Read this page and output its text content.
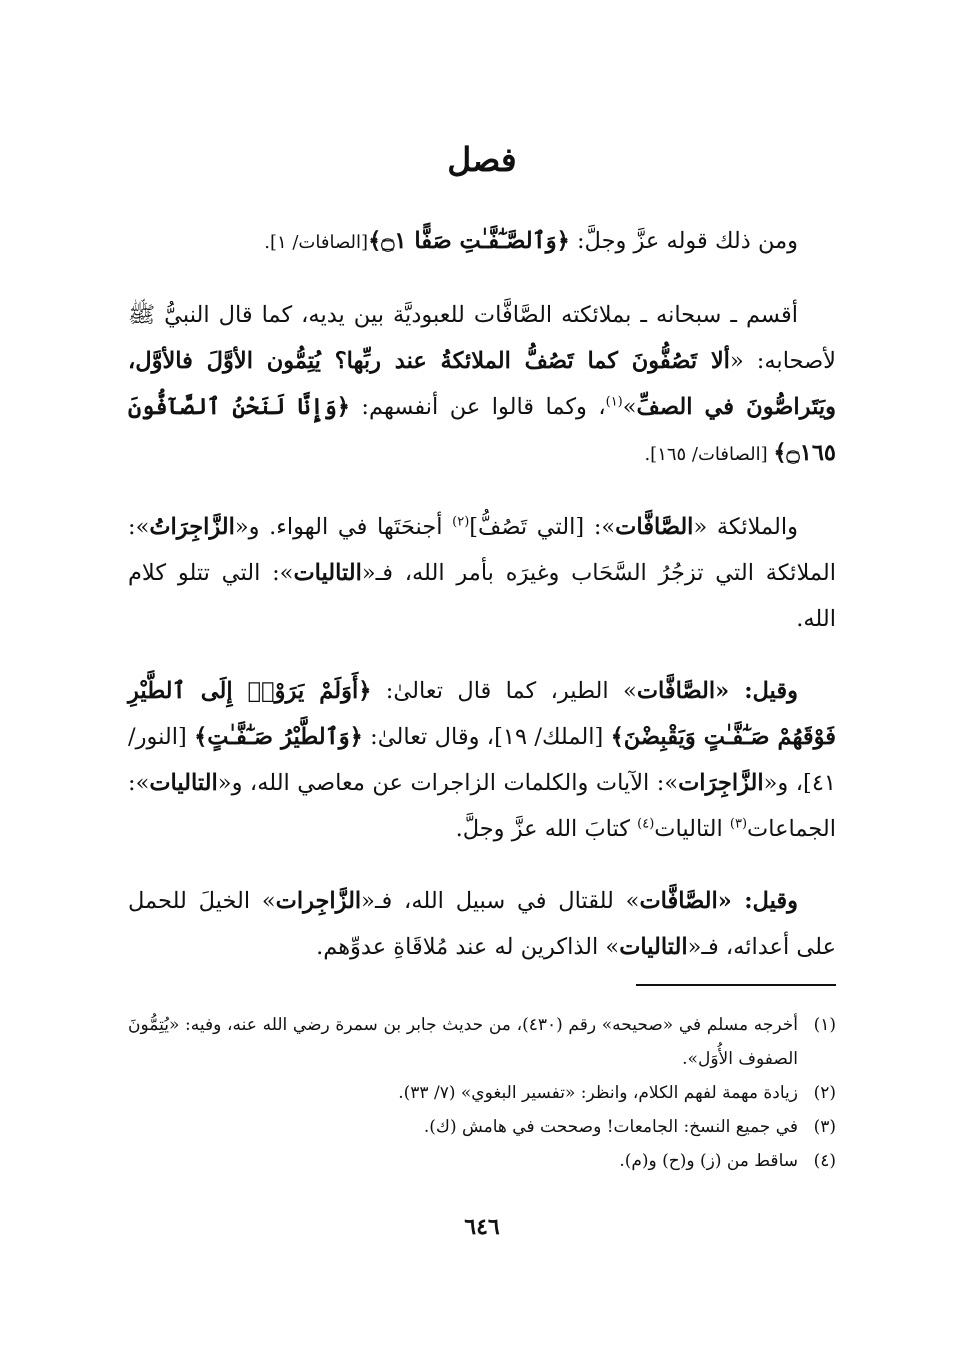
فصل

ومن ذلك قوله عزَّ وجلَّ: ﴿وَٱلصَّـٰٓفَّـٰتِ صَفًّا ۝١﴾[الصافات/ ١].

أقسم ـ سبحانه ـ بملائكته الصَّافَّات للعبوديَّة بين يديه، كما قال النبيُّ ﷺ لأصحابه: «ألا تَصُفُّونَ كما تَصُفُّ الملائكةُ عند ربِّها؟ يُتِمُّون الأوَّلَ فالأوَّل، ويَتَراصُّونَ في الصفِّ»$^{(١)}$، وكما قالوا عن أنفسهم: ﴿وَإِنَّا لَنَحْنُ ٱلصَّآفُّونَ ۝١٦٥﴾ [الصافات/ ١٦٥].

والملائكة «الصَّافَّات»: [التي تَصُفُّ]$^{(٢)}$ أجنحَتَها في الهواء. و«الزَّاجِرَاتُ»: الملائكة التي تزجُرُ السَّحَاب وغيرَه بأمر الله، فـ«التاليات»: التي تتلو كلام الله.

وقيل: «الصَّافَّات» الطير، كما قال تعالىٰ: ﴿أَوَلَمْ يَرَوْا۟ إِلَى ٱلطَّيْرِ فَوْقَهُمْ صَـٰٓفَّـٰتٍ وَيَقْبِضْنَ﴾ [الملك/ ١٩]، وقال تعالىٰ: ﴿وَٱلطَّيْرُ صَـٰٓفَّـٰتٍ﴾ [النور/ ٤١]، و«الزَّاجِرَات»: الآيات والكلمات الزاجرات عن معاصي الله، و«التاليات»: الجماعات$^{(٣)}$ التاليات$^{(٤)}$ كتابَ الله عزَّ وجلَّ.

وقيل: «الصَّافَّات» للقتال في سبيل الله، فـ«الزَّاجِرات» الخيلَ للحمل على أعدائه، فـ«التاليات» الذاكرين له عند مُلاقَاةِ عدوِّهم.

(١)
أخرجه مسلم في «صحيحه» رقم (٤٣٠)، من حديث جابر بن سمرة رضي الله عنه، وفيه: «يُتِمُّونَ الصفوف الأُوَل».
(٢)
زيادة مهمة لفهم الكلام، وانظر: «تفسير البغوي» (٧/ ٣٣).
(٣)
في جميع النسخ: الجامعات! وصححت في هامش (ك).
(٤)
ساقط من (ز) و(ح) و(م).
٦٤٦
